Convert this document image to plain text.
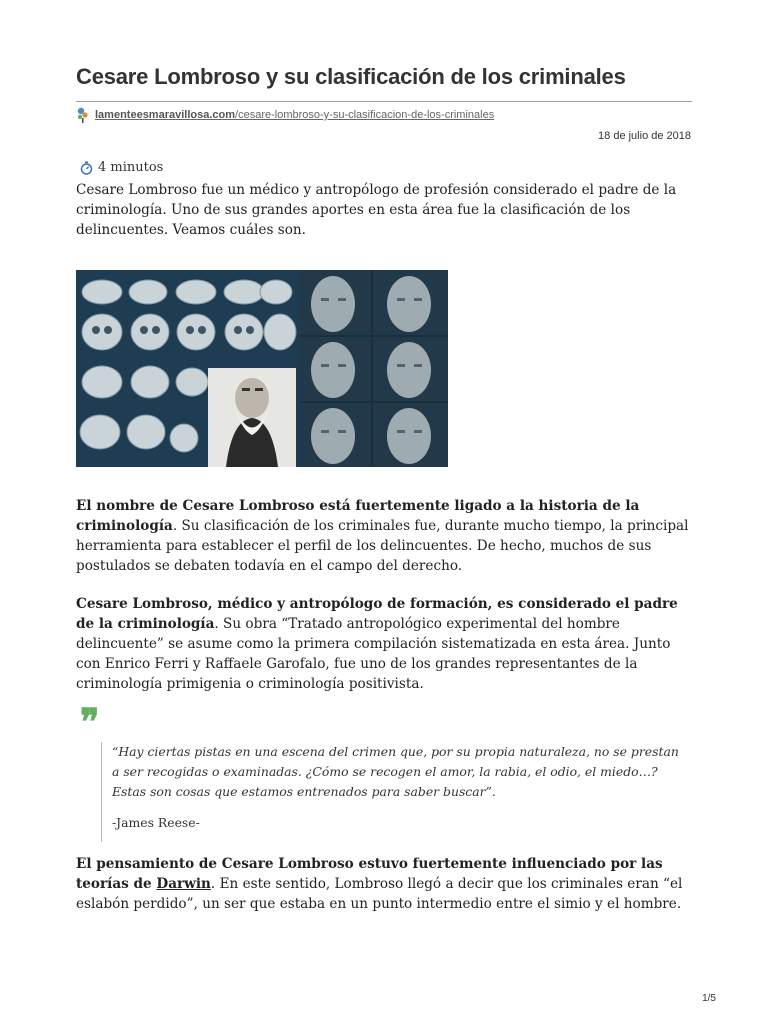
Cesare Lombroso y su clasificación de los criminales
lamenteesmaravillosa.com/cesare-lombroso-y-su-clasificacion-de-los-criminales
18 de julio de 2018
4 minutos

Cesare Lombroso fue un médico y antropólogo de profesión considerado el padre de la criminología. Uno de sus grandes aportes en esta área fue la clasificación de los delincuentes. Veamos cuáles son.

El nombre de Cesare Lombroso está fuertemente ligado a la historia de la criminología. Su clasificación de los criminales fue, durante mucho tiempo, la principal herramienta para establecer el perfil de los delincuentes. De hecho, muchos de sus postulados se debaten todavía en el campo del derecho.

Cesare Lombroso, médico y antropólogo de formación, es considerado el padre de la criminología. Su obra “Tratado antropológico experimental del hombre delincuente” se asume como la primera compilación sistematizada en esta área. Junto con Enrico Ferri y Raffaele Garofalo, fue uno de los grandes representantes de la criminología primigenia o criminología positivista.

❞

“Hay ciertas pistas en una escena del crimen que, por su propia naturaleza, no se prestan a ser recogidas o examinadas. ¿Cómo se recogen el amor, la rabia, el odio, el miedo…? Estas son cosas que estamos entrenados para saber buscar”.

-James Reese-

El pensamiento de Cesare Lombroso estuvo fuertemente influenciado por las teorías de Darwin. En este sentido, Lombroso llegó a decir que los criminales eran “el eslabón perdido”, un ser que estaba en un punto intermedio entre el simio y el hombre.

1/5
